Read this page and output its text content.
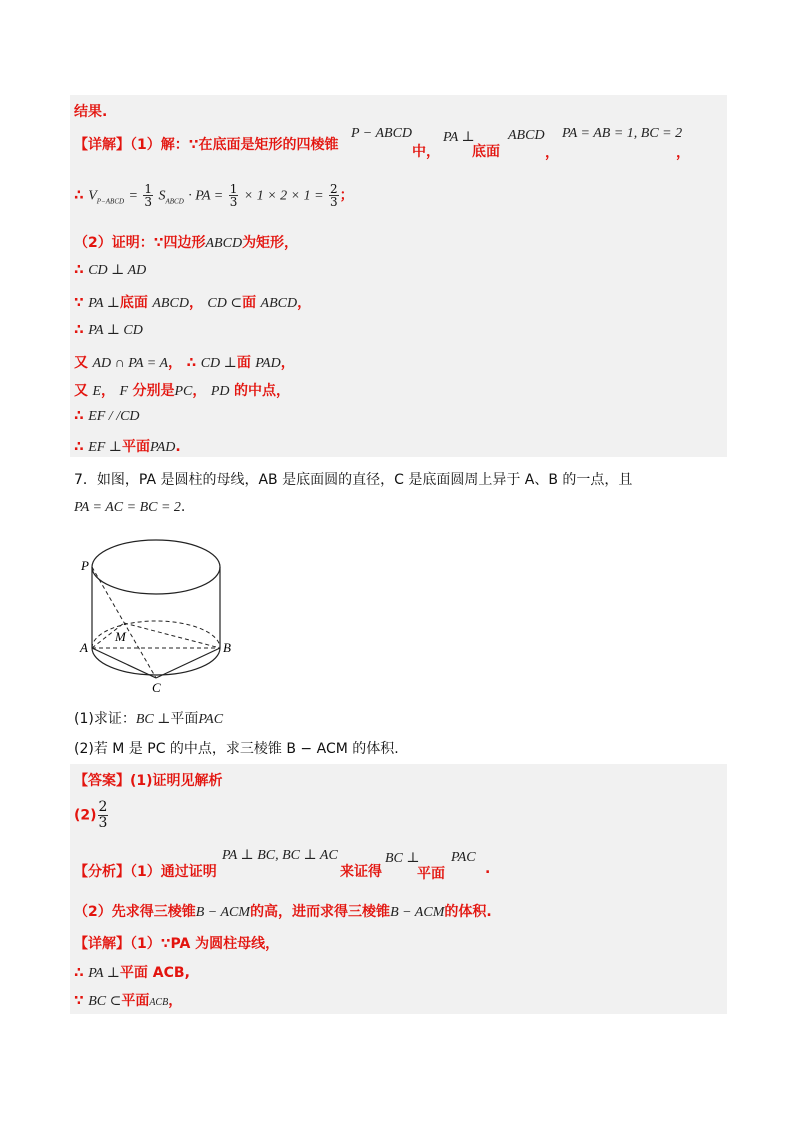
结果.
【详解】（1）解：∵在底面是矩形的四棱锥
P − ABCD
中，
PA ⊥
底面
ABCD
，
PA = AB = 1, BC = 2
，
∴ $V_{P-ABCD} = \frac{1}{3} S_{ABCD}$ · PA = $\frac{1}{3} \times 1 \times 2 \times 1 = \frac{2}{3}$ ；
（2）证明：∵四边形ABCD为矩形，
∴ CD ⊥ AD
∵ PA ⊥底面 ABCD， CD ⊂面 ABCD，
∴ PA ⊥ CD
又 AD ∩ PA = A， ∴ CD ⊥面 PAD，
又 E， F 分别是PC， PD 的中点，
∴ EF / /CD
∴ EF ⊥平面PAD.
7．如图，PA 是圆柱的母线，AB 是底面圆的直径，C 是底面圆周上异于 A、B 的一点，且
PA = AC = BC = 2.
P
M
A	B
C
(1)求证：BC ⊥平面PAC
(2)若 M 是 PC 的中点，求三棱锥 B − ACM 的体积.
【答案】(1)证明见解析
$(2) \frac{2}{3}$
【分析】（1）通过证明
PA ⊥ BC, BC ⊥ AC
来证得
BC ⊥
平面
PAC
.
（2）先求得三棱锥B − ACM的高，进而求得三棱锥B − ACM的体积.
【详解】（1）∵PA 为圆柱母线，
∴ PA ⊥平面 ACB,
∵ BC ⊂平面ACB，
